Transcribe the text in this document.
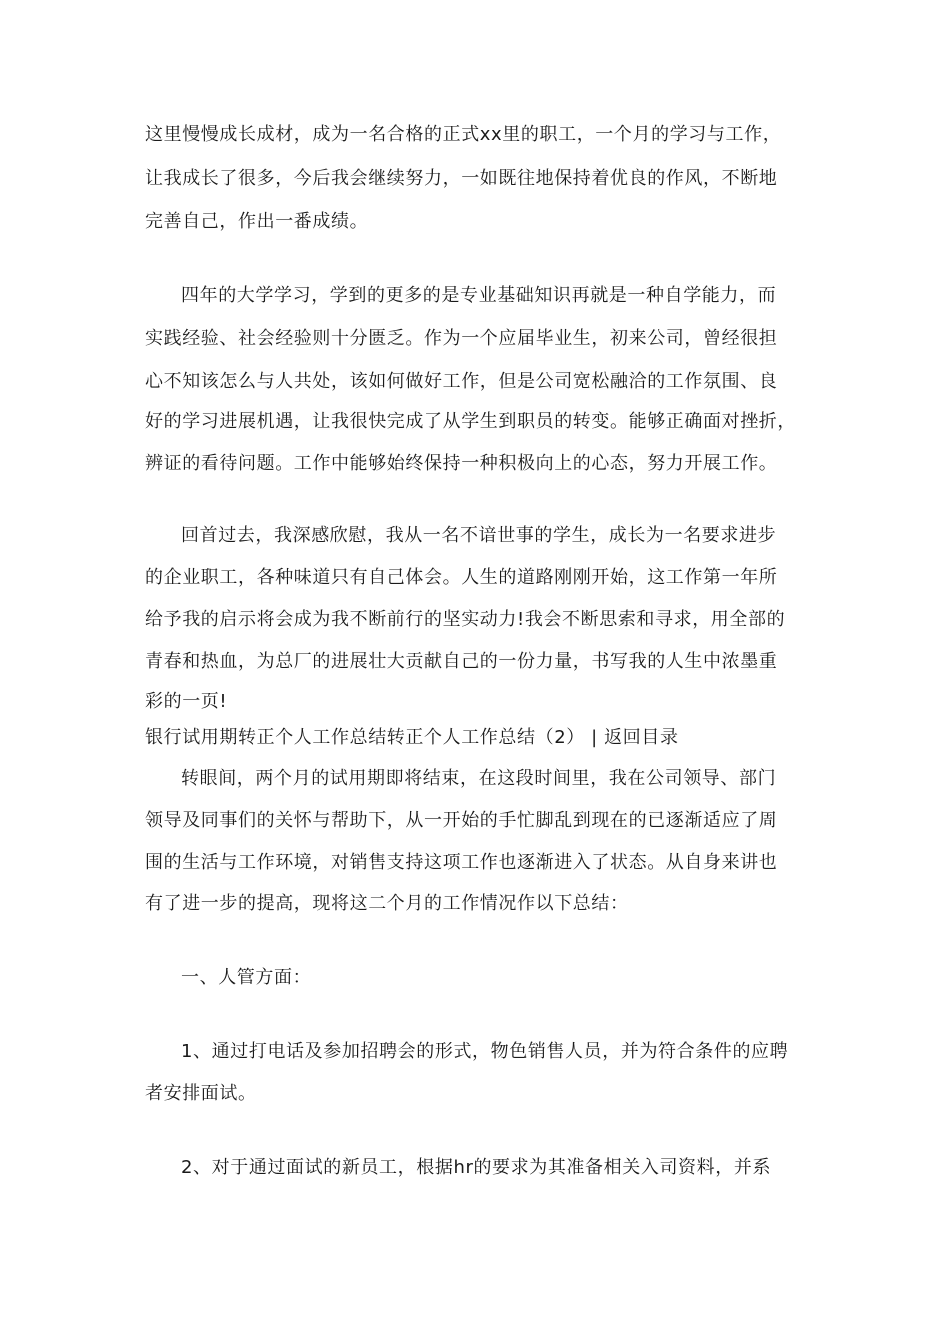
这里慢慢成长成材，成为一名合格的正式xx里的职工，一个月的学习与工作，
让我成长了很多，今后我会继续努力，一如既往地保持着优良的作风，不断地
完善自己，作出一番成绩。
四年的大学学习，学到的更多的是专业基础知识再就是一种自学能力，而
实践经验、社会经验则十分匮乏。作为一个应届毕业生，初来公司，曾经很担
心不知该怎么与人共处，该如何做好工作，但是公司宽松融洽的工作氛围、良
好的学习进展机遇，让我很快完成了从学生到职员的转变。能够正确面对挫折，
辨证的看待问题。工作中能够始终保持一种积极向上的心态，努力开展工作。
回首过去，我深感欣慰，我从一名不谙世事的学生，成长为一名要求进步
的企业职工，各种味道只有自己体会。人生的道路刚刚开始，这工作第一年所
给予我的启示将会成为我不断前行的坚实动力!我会不断思索和寻求，用全部的
青春和热血，为总厂的进展壮大贡献自己的一份力量，书写我的人生中浓墨重
彩的一页!
银行试用期转正个人工作总结转正个人工作总结（2） | 返回目录
转眼间，两个月的试用期即将结束，在这段时间里，我在公司领导、部门
领导及同事们的关怀与帮助下，从一开始的手忙脚乱到现在的已逐渐适应了周
围的生活与工作环境，对销售支持这项工作也逐渐进入了状态。从自身来讲也
有了进一步的提高，现将这二个月的工作情况作以下总结：
一、人管方面：
1、通过打电话及参加招聘会的形式，物色销售人员，并为符合条件的应聘
者安排面试。
2、对于通过面试的新员工，根据hr的要求为其准备相关入司资料，并系
